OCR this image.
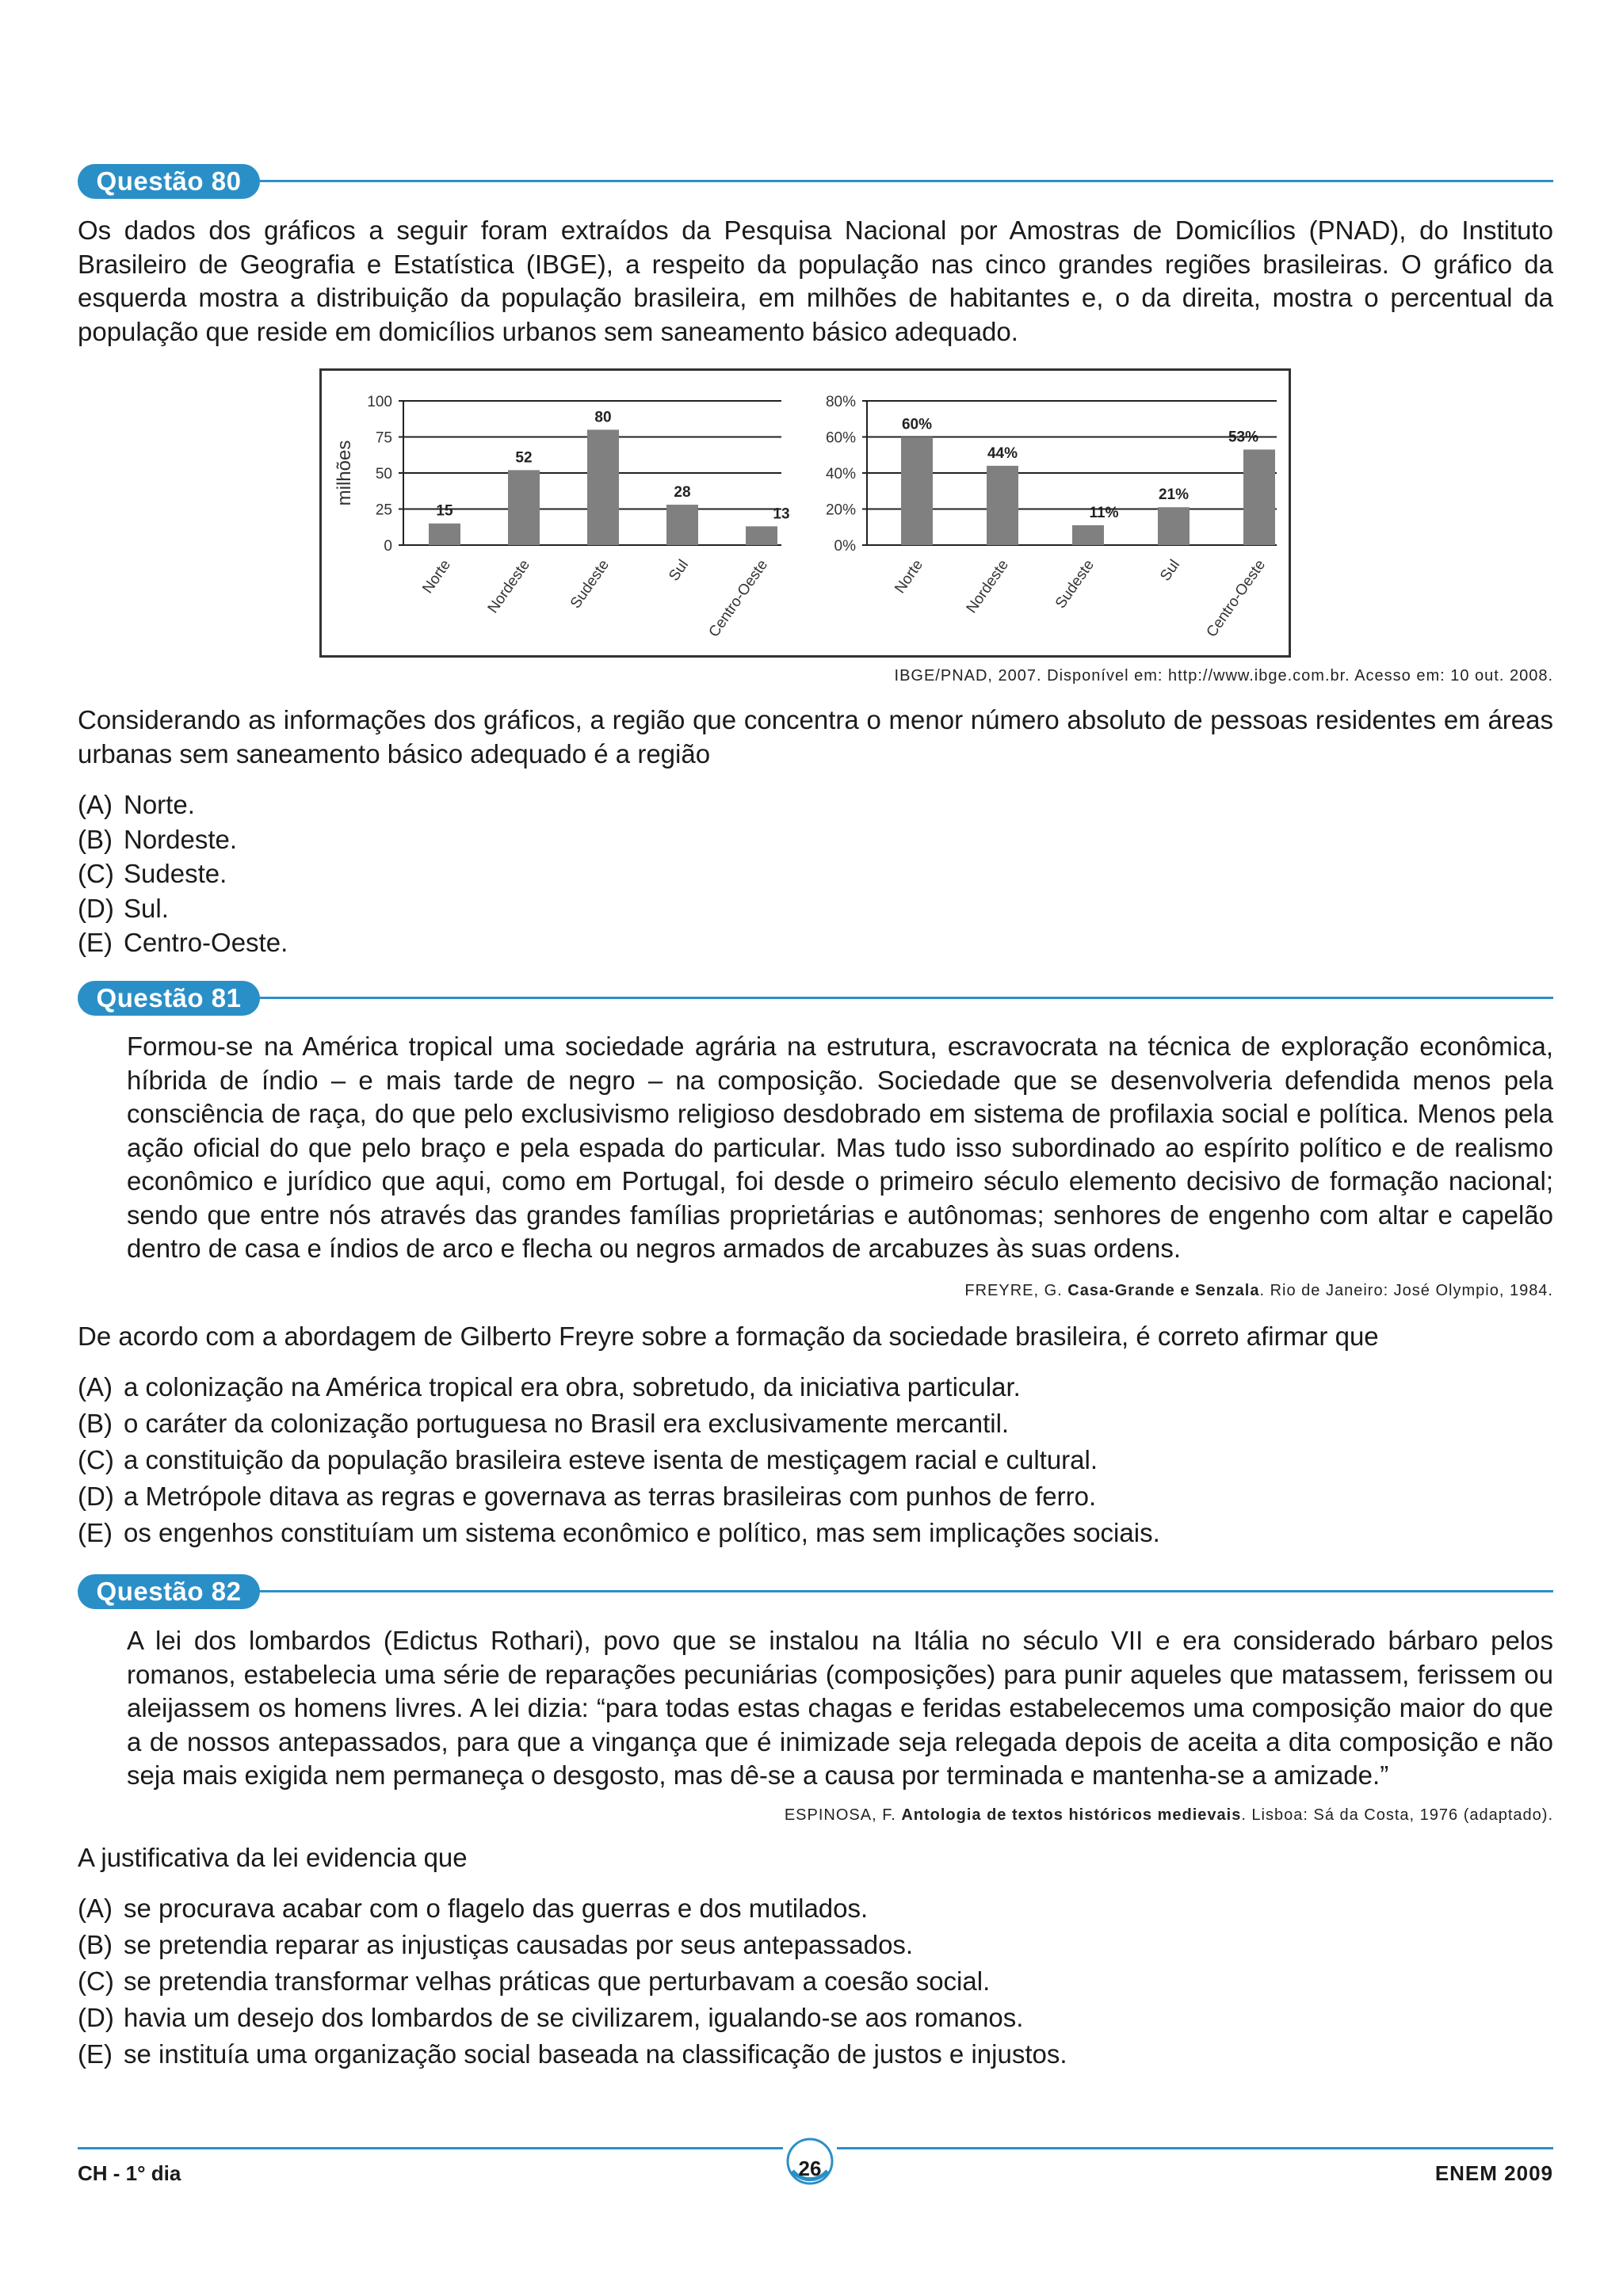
Questão 80
Os dados dos gráficos a seguir foram extraídos da Pesquisa Nacional por Amostras de Domicílios (PNAD), do Instituto Brasileiro de Geografia e Estatística (IBGE), a respeito da população nas cinco grandes regiões brasileiras. O gráfico da esquerda mostra a distribuição da população brasileira, em milhões de habitantes e, o da direita, mostra o percentual da população que reside em domicílios urbanos sem saneamento básico adequado.
100
75
50
25
0
milhões
15
Norte
52
Nordeste
80
Sudeste
28
Sul
13
Centro-Oeste
80%
60%
40%
20%
0%
60%
Norte
44%
Nordeste
11%
Sudeste
21%
Sul
53%
Centro-Oeste
IBGE/PNAD, 2007. Disponível em: http://www.ibge.com.br. Acesso em: 10 out. 2008.
Considerando as informações dos gráficos, a região que concentra o menor número absoluto de pessoas residentes em áreas urbanas sem saneamento básico adequado é a região
(A) Norte.
(B) Nordeste.
(C) Sudeste.
(D) Sul.
(E) Centro-Oeste.
Questão 81
Formou-se na América tropical uma sociedade agrária na estrutura, escravocrata na técnica de exploração econômica, híbrida de índio – e mais tarde de negro – na composição. Sociedade que se desenvolveria defendida menos pela consciência de raça, do que pelo exclusivismo religioso desdobrado em sistema de profilaxia social e política. Menos pela ação oficial do que pelo braço e pela espada do particular. Mas tudo isso subordinado ao espírito político e de realismo econômico e jurídico que aqui, como em Portugal, foi desde o primeiro século elemento decisivo de formação nacional; sendo que entre nós através das grandes famílias proprietárias e autônomas; senhores de engenho com altar e capelão dentro de casa e índios de arco e flecha ou negros armados de arcabuzes às suas ordens.
FREYRE, G. Casa-Grande e Senzala. Rio de Janeiro: José Olympio, 1984.
De acordo com a abordagem de Gilberto Freyre sobre a formação da sociedade brasileira, é correto afirmar que
(A) a colonização na América tropical era obra, sobretudo, da iniciativa particular.
(B) o caráter da colonização portuguesa no Brasil era exclusivamente mercantil.
(C) a constituição da população brasileira esteve isenta de mestiçagem racial e cultural.
(D) a Metrópole ditava as regras e governava as terras brasileiras com punhos de ferro.
(E) os engenhos constituíam um sistema econômico e político, mas sem implicações sociais.
Questão 82
A lei dos lombardos (Edictus Rothari), povo que se instalou na Itália no século VII e era considerado bárbaro pelos romanos, estabelecia uma série de reparações pecuniárias (composições) para punir aqueles que matassem, ferissem ou aleijassem os homens livres. A lei dizia: “para todas estas chagas e feridas estabelecemos uma composição maior do que a de nossos antepassados, para que a vingança que é inimizade seja relegada depois de aceita a dita composição e não seja mais exigida nem permaneça o desgosto, mas dê-se a causa por terminada e mantenha-se a amizade.”
ESPINOSA, F. Antologia de textos históricos medievais. Lisboa: Sá da Costa, 1976 (adaptado).
A justificativa da lei evidencia que
(A) se procurava acabar com o flagelo das guerras e dos mutilados.
(B) se pretendia reparar as injustiças causadas por seus antepassados.
(C) se pretendia transformar velhas práticas que perturbavam a coesão social.
(D) havia um desejo dos lombardos de se civilizarem, igualando-se aos romanos.
(E) se instituía uma organização social baseada na classificação de justos e injustos.
26
CH - 1° dia	ENEM 2009
